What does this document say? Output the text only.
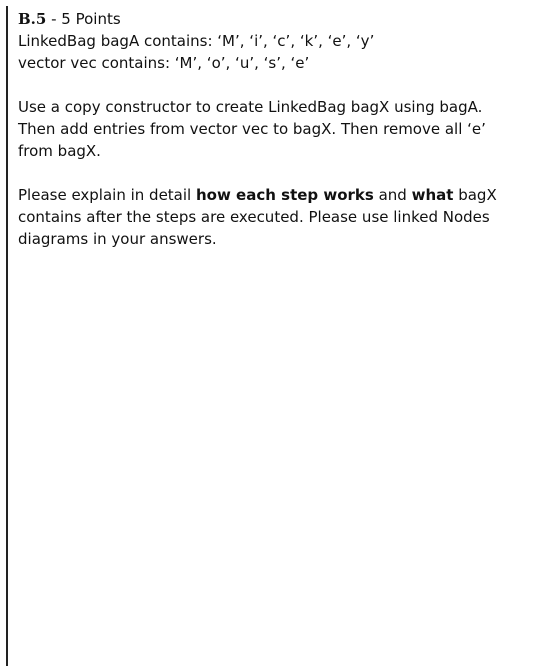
B.5 - 5 Points
LinkedBag bagA contains: ‘M’, ‘i’, ‘c’, ‘k’, ‘e’, ‘y’
vector vec contains: ‘M’, ‘o’, ‘u’, ‘s’, ‘e’
Use a copy constructor to create LinkedBag bagX using bagA.
Then add entries from vector vec to bagX. Then remove all ‘e’
from bagX.
Please explain in detail how each step works and what bagX
contains after the steps are executed. Please use linked Nodes
diagrams in your answers.
